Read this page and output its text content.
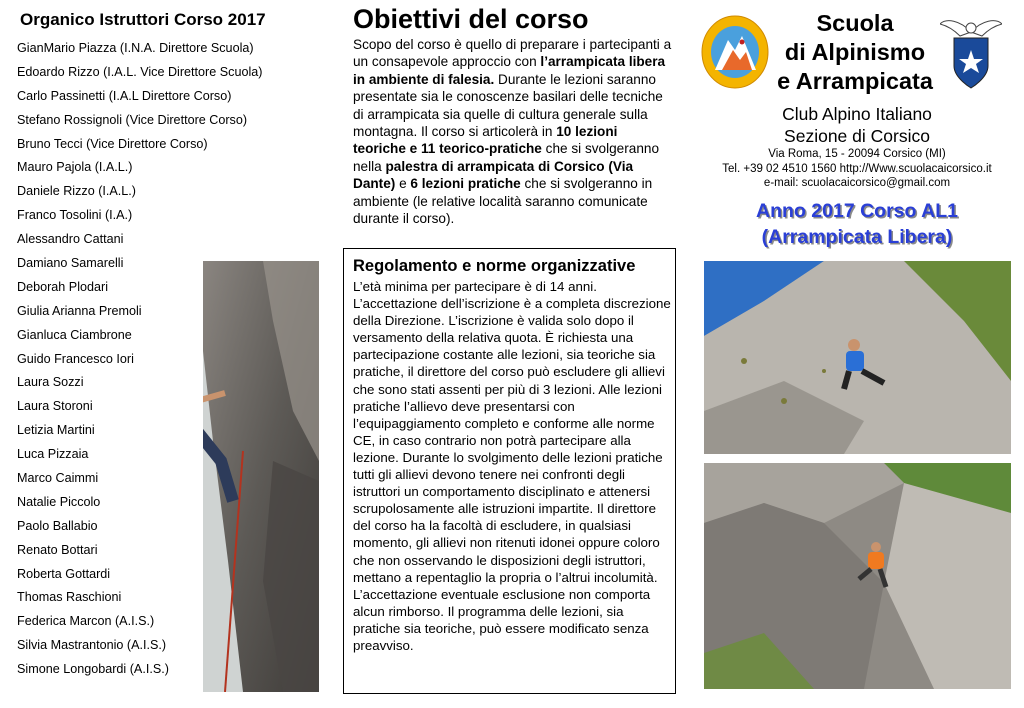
Organico Istruttori Corso 2017
GianMario Piazza (I.N.A. Direttore Scuola)
Edoardo Rizzo (I.A.L. Vice Direttore Scuola)
Carlo Passinetti (I.A.L Direttore Corso)
Stefano Rossignoli (Vice Direttore Corso)
Bruno Tecci (Vice Direttore Corso)
Mauro Pajola (I.A.L.)
Daniele Rizzo (I.A.L.)
Franco Tosolini (I.A.)
Alessandro Cattani
Damiano Samarelli
Deborah Plodari
Giulia Arianna Premoli
Gianluca Ciambrone
Guido Francesco Iori
Laura Sozzi
Laura Storoni
Letizia Martini
Luca Pizzaia
Marco Caimmi
Natalie Piccolo
Paolo Ballabio
Renato Bottari
Roberta Gottardi
Thomas Raschioni
Federica Marcon (A.I.S.)
Silvia Mastrantonio (A.I.S.)
Simone Longobardi (A.I.S.)
Obiettivi del corso

Scopo del corso è quello di preparare i partecipanti a un consapevole approccio con l’arrampicata libera in ambiente di falesia. Durante le lezioni saranno presentate sia le conoscenze basilari delle tecniche di arrampicata sia quelle di cultura generale sulla montagna. Il corso si articolerà in 10 lezioni teoriche e 11 teorico-pratiche che si svolgeranno nella palestra di arrampicata di Corsico (Via Dante) e 6 lezioni pratiche che si svolgeranno in ambiente (le relative località saranno comunicate durante il corso).

Regolamento e norme organizzative

L’età minima per partecipare è di 14 anni. L’accettazione dell’iscrizione è a completa discrezione della Direzione. L’iscrizione è valida solo dopo il versamento della relativa quota. È richiesta una partecipazione costante alle lezioni, sia teoriche sia pratiche, il direttore del corso può escludere gli allievi che sono stati assenti per più di 3 lezioni. Alle lezioni pratiche l’allievo deve presentarsi con l’equipaggiamento completo e conforme alle norme CE, in caso contrario non potrà partecipare alla lezione. Durante lo svolgimento delle lezioni pratiche tutti gli allievi devono tenere nei confronti degli istruttori un comportamento disciplinato e attenersi scrupolosamente alle istruzioni impartite. Il direttore del corso ha la facoltà di escludere, in qualsiasi momento, gli allievi non ritenuti idonei oppure coloro che non osservando le disposizioni degli istruttori, mettano a repentaglio la propria o l’altrui incolumità. L’accettazione eventuale esclusione non comporta alcun rimborso. Il programma delle lezioni, sia pratiche sia teoriche, può essere modificato senza preavviso.

Scuola
di Alpinismo
e Arrampicata
Club Alpino Italiano
Sezione di Corsico
Via Roma, 15 - 20094 Corsico (MI)
Tel. +39 02 4510 1560 http://Www.scuolacaicorsico.it
e-mail: scuolacaicorsico@gmail.com
Anno 2017 Corso AL1
(Arrampicata Libera)
